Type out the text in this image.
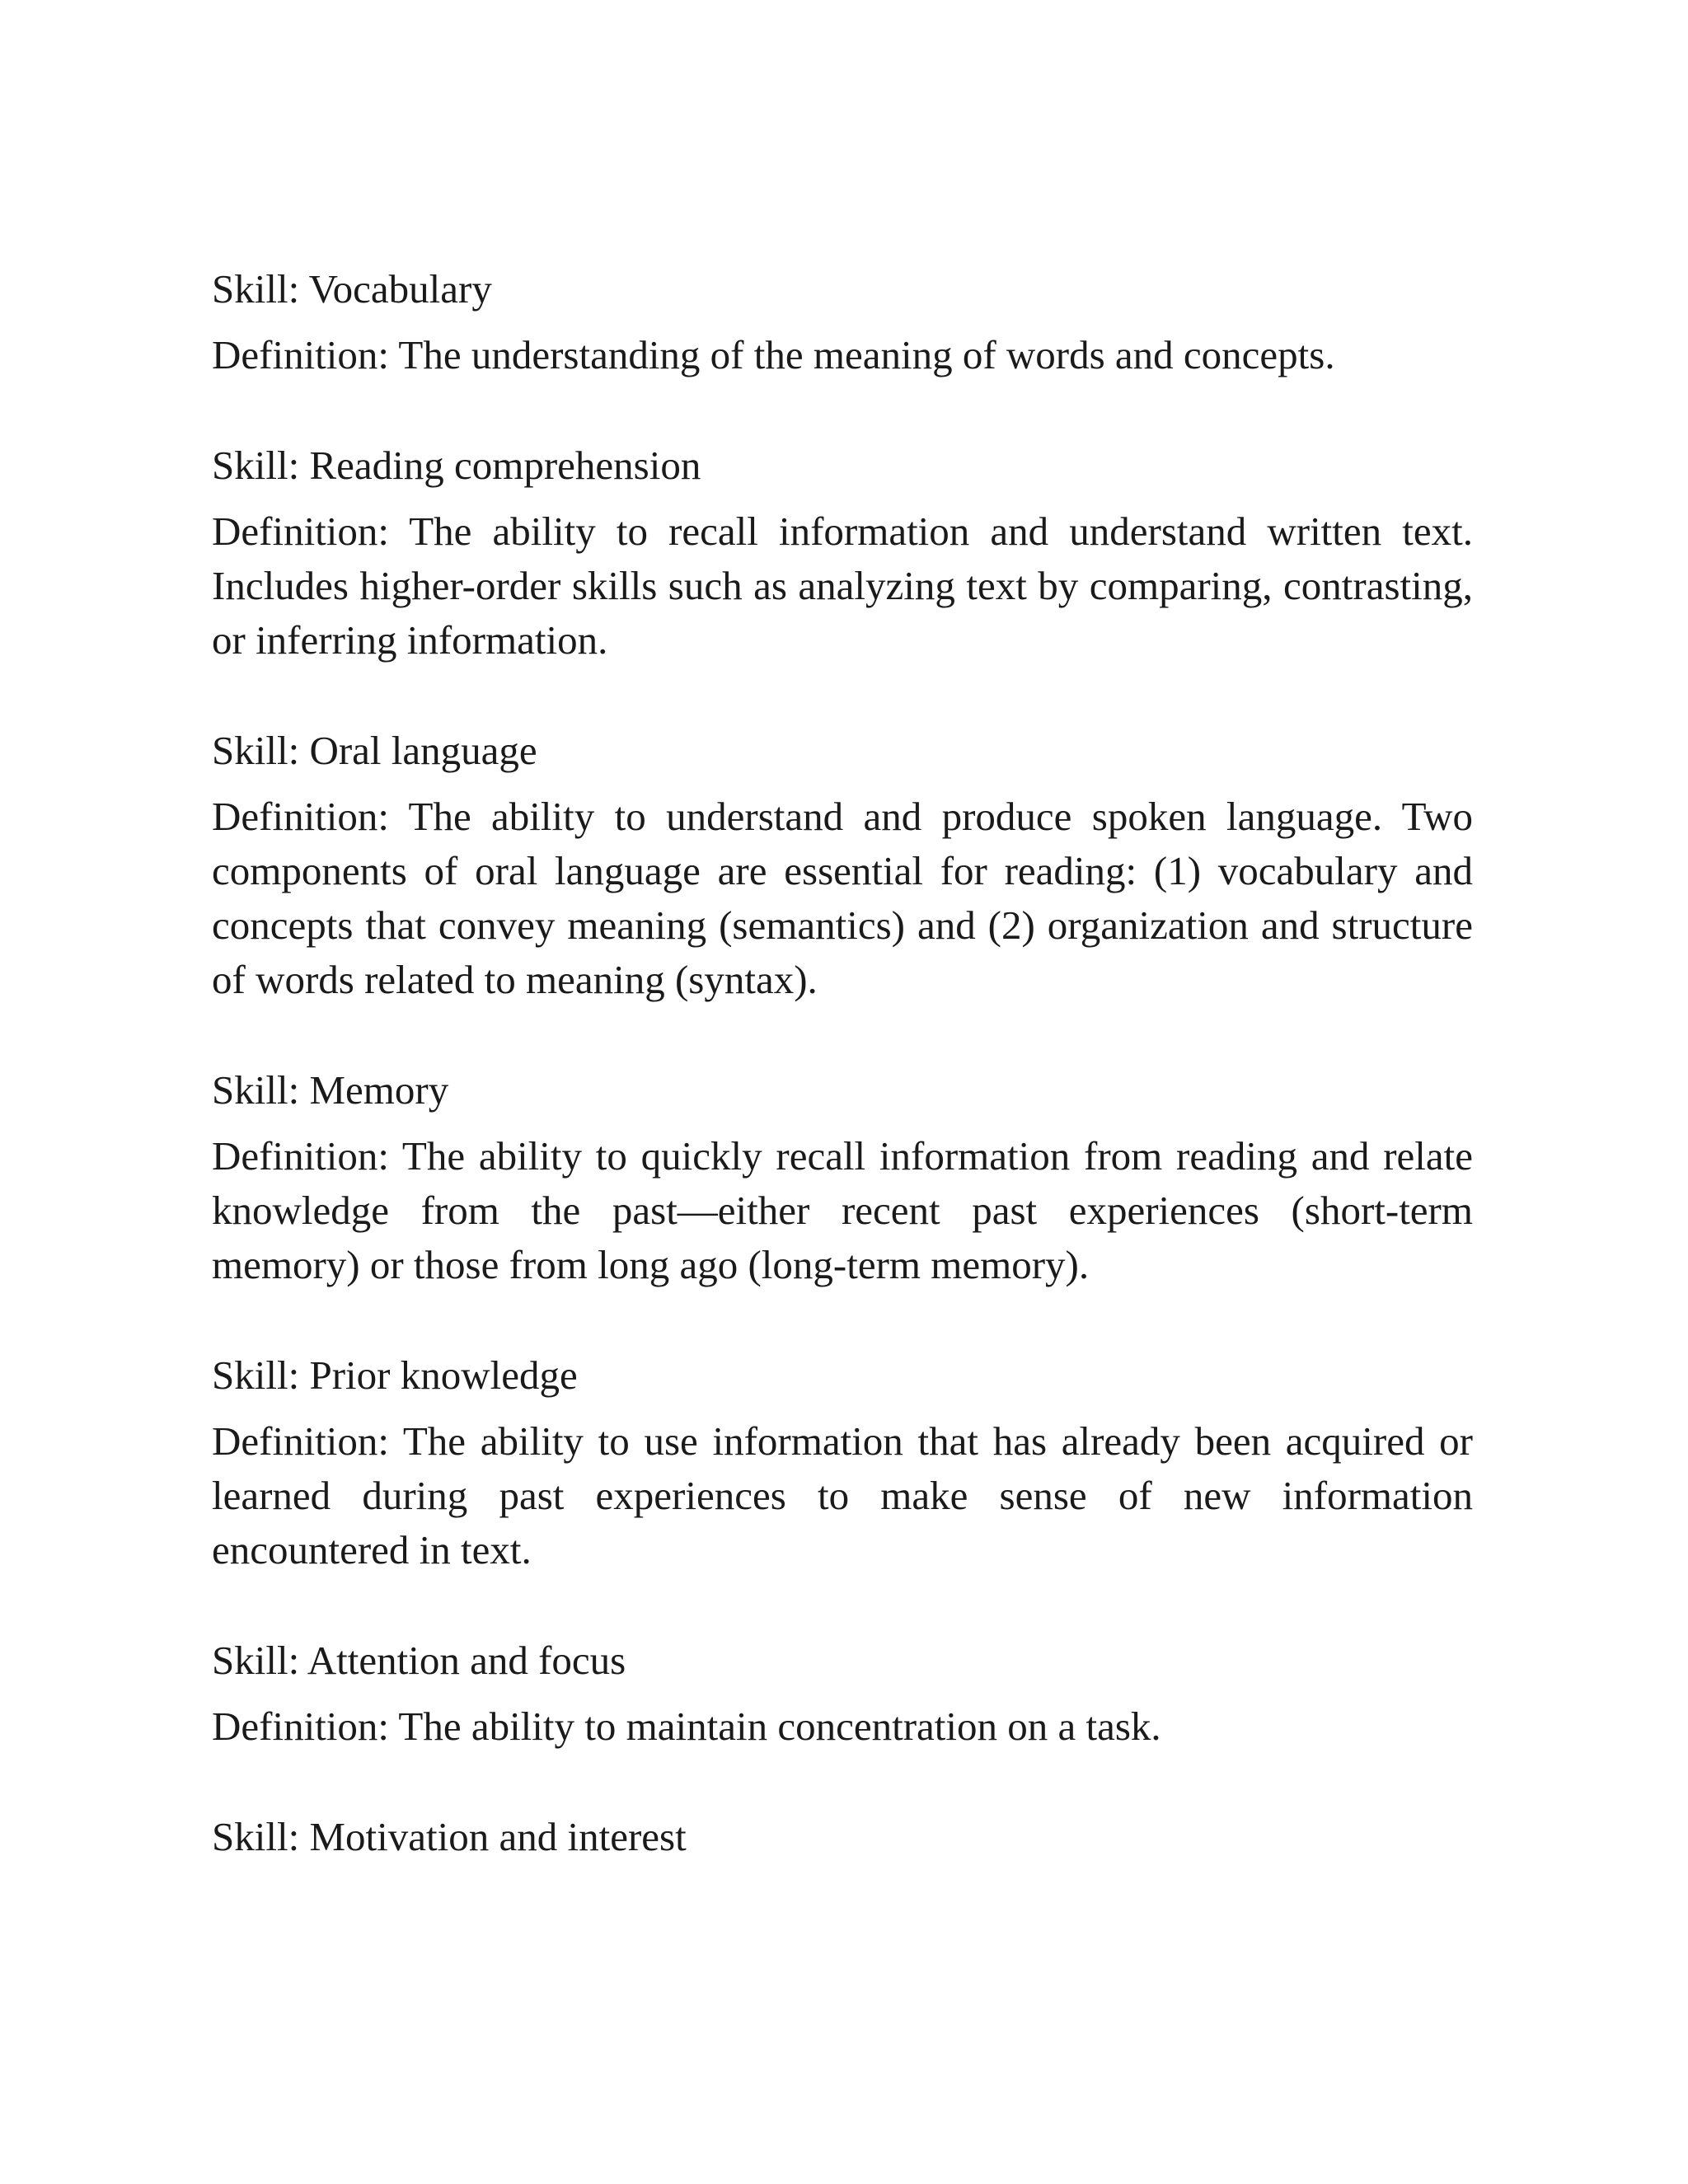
Skill: Vocabulary

Definition: The understanding of the meaning of words and concepts.

Skill: Reading comprehension

Definition: The ability to recall information and understand written text. Includes higher-order skills such as analyzing text by comparing, contrasting, or inferring information.

Skill: Oral language

Definition: The ability to understand and produce spoken language. Two components of oral language are essential for reading: (1) vocabulary and concepts that convey meaning (semantics) and (2) organization and structure of words related to meaning (syntax).

Skill: Memory

Definition: The ability to quickly recall information from reading and relate knowledge from the past—either recent past experiences (short-term memory) or those from long ago (long-term memory).

Skill: Prior knowledge

Definition: The ability to use information that has already been acquired or learned during past experiences to make sense of new information encountered in text.

Skill: Attention and focus

Definition: The ability to maintain concentration on a task.

Skill: Motivation and interest
